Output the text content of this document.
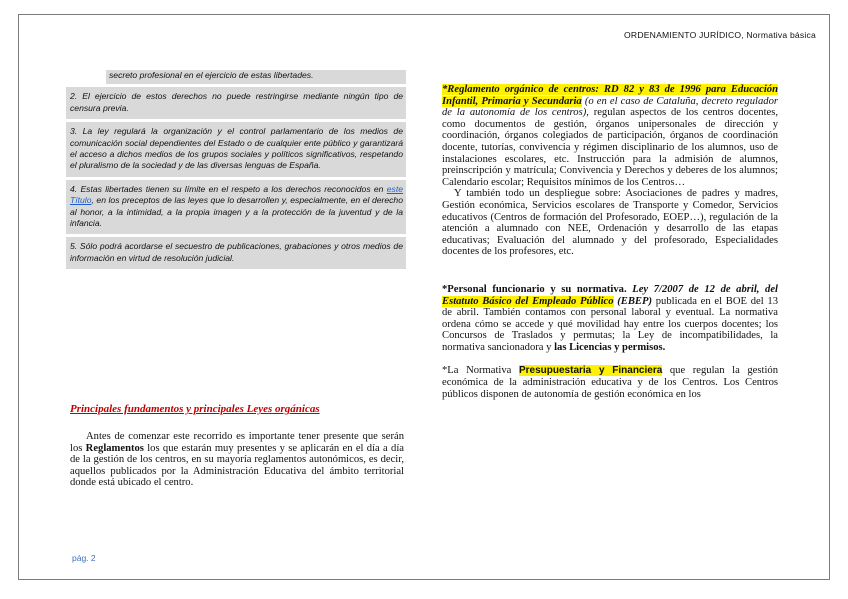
ORDENAMIENTO JURÍDICO, Normativa básica
secreto profesional en el ejercicio de estas libertades.
2. El ejercicio de estos derechos no puede restringirse mediante ningún tipo de censura previa.
3. La ley regulará la organización y el control parlamentario de los medios de comunicación social dependientes del Estado o de cualquier ente público y garantizará el acceso a dichos medios de los grupos sociales y políticos significativos, respetando el pluralismo de la sociedad y de las diversas lenguas de España.
4. Estas libertades tienen su límite en el respeto a los derechos reconocidos en este Título, en los preceptos de las leyes que lo desarrollen y, especialmente, en el derecho al honor, a la intimidad, a la propia imagen y a la protección de la juventud y de la infancia.
5. Sólo podrá acordarse el secuestro de publicaciones, grabaciones y otros medios de información en virtud de resolución judicial.
Principales fundamentos y principales Leyes orgánicas

Antes de comenzar este recorrido es importante tener presente que serán los Reglamentos los que estarán muy presentes y se aplicarán en el día a día de la gestión de los centros, en su mayoría reglamentos autonómicos, es decir, aquellos publicados por la Administración Educativa del ámbito territorial donde está ubicado el centro.

*Reglamento orgánico de centros: RD 82 y 83 de 1996 para Educación Infantil, Primaria y Secundaria (o en el caso de Cataluña, decreto regulador de la autonomía de los centros), regulan aspectos de los centros docentes, como documentos de gestión, órganos unipersonales de dirección y coordinación, órganos colegiados de participación, órganos de coordinación docente, tutorías, convivencia y régimen disciplinario de los alumnos, uso de instalaciones escolares, etc. Instrucción para la admisión de alumnos, preinscripción y matrícula; Convivencia y Derechos y deberes de los alumnos; Calendario escolar; Requisitos mínimos de los Centros…

Y también todo un despliegue sobre: Asociaciones de padres y madres, Gestión económica, Servicios escolares de Transporte y Comedor, Servicios educativos (Centros de formación del Profesorado, EOEP…), regulación de la atención a alumnado con NEE, Ordenación y desarrollo de las etapas educativas; Evaluación del alumnado y del profesorado, Especialidades docentes de los profesores, etc.

*Personal funcionario y su normativa. Ley 7/2007 de 12 de abril, del Estatuto Básico del Empleado Público (EBEP) publicada en el BOE del 13 de abril. También contamos con personal laboral y eventual. La normativa ordena cómo se accede y qué movilidad hay entre los cuerpos docentes; los Concursos de Traslados y permutas; la Ley de incompatibilidades, la normativa sancionadora y las Licencias y permisos.

*La Normativa Presupuestaria y Financiera que regulan la gestión económica de la administración educativa y de los Centros. Los Centros públicos disponen de autonomía de gestión económica en los

pág. 2
